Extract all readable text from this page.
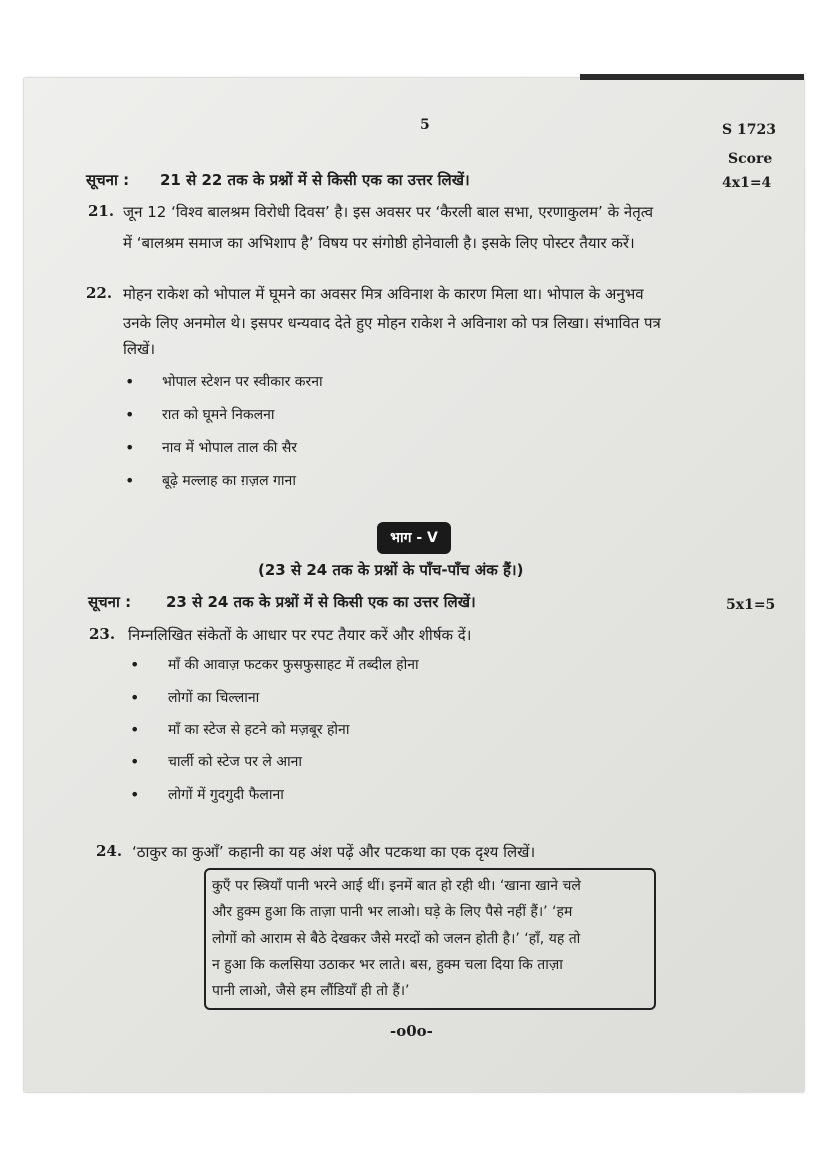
5	S 1723
Score
सूचना : 21 से 22 तक के प्रश्नों में से किसी एक का उत्तर लिखें।	4x1=4
21. जून 12 ‘विश्व बालश्रम विरोधी दिवस’ है। इस अवसर पर ‘कैरली बाल सभा, एरणाकुलम’ के नेतृत्व
में ‘बालश्रम समाज का अभिशाप है’ विषय पर संगोष्ठी होनेवाली है। इसके लिए पोस्टर तैयार करें।
22. मोहन राकेश को भोपाल में घूमने का अवसर मित्र अविनाश के कारण मिला था। भोपाल के अनुभव
उनके लिए अनमोल थे। इसपर धन्यवाद देते हुए मोहन राकेश ने अविनाश को पत्र लिखा। संभावित पत्र
लिखें।
• भोपाल स्टेशन पर स्वीकार करना
• रात को घूमने निकलना
• नाव में भोपाल ताल की सैर
• बूढ़े मल्लाह का ग़ज़ल गाना
भाग - V
(23 से 24 तक के प्रश्नों के पाँच-पाँच अंक हैं।)
सूचना : 23 से 24 तक के प्रश्नों में से किसी एक का उत्तर लिखें।	5x1=5
23. निम्नलिखित संकेतों के आधार पर रपट तैयार करें और शीर्षक दें।
• माँ की आवाज़ फटकर फुसफुसाहट में तब्दील होना
• लोगों का चिल्लाना
• माँ का स्टेज से हटने को मज़बूर होना
• चार्ली को स्टेज पर ले आना
• लोगों में गुदगुदी फैलाना
24. ‘ठाकुर का कुआँ’ कहानी का यह अंश पढ़ें और पटकथा का एक दृश्य लिखें।
कुएँ पर स्त्रियाँ पानी भरने आई थीं। इनमें बात हो रही थी। ‘खाना खाने चले
और हुक्म हुआ कि ताज़ा पानी भर लाओ। घड़े के लिए पैसे नहीं हैं।’ ‘हम
लोगों को आराम से बैठे देखकर जैसे मरदों को जलन होती है।’ ‘हाँ, यह तो
न हुआ कि कलसिया उठाकर भर लाते। बस, हुक्म चला दिया कि ताज़ा
पानी लाओ, जैसे हम लौंडियाँ ही तो हैं।’
-o0o-
